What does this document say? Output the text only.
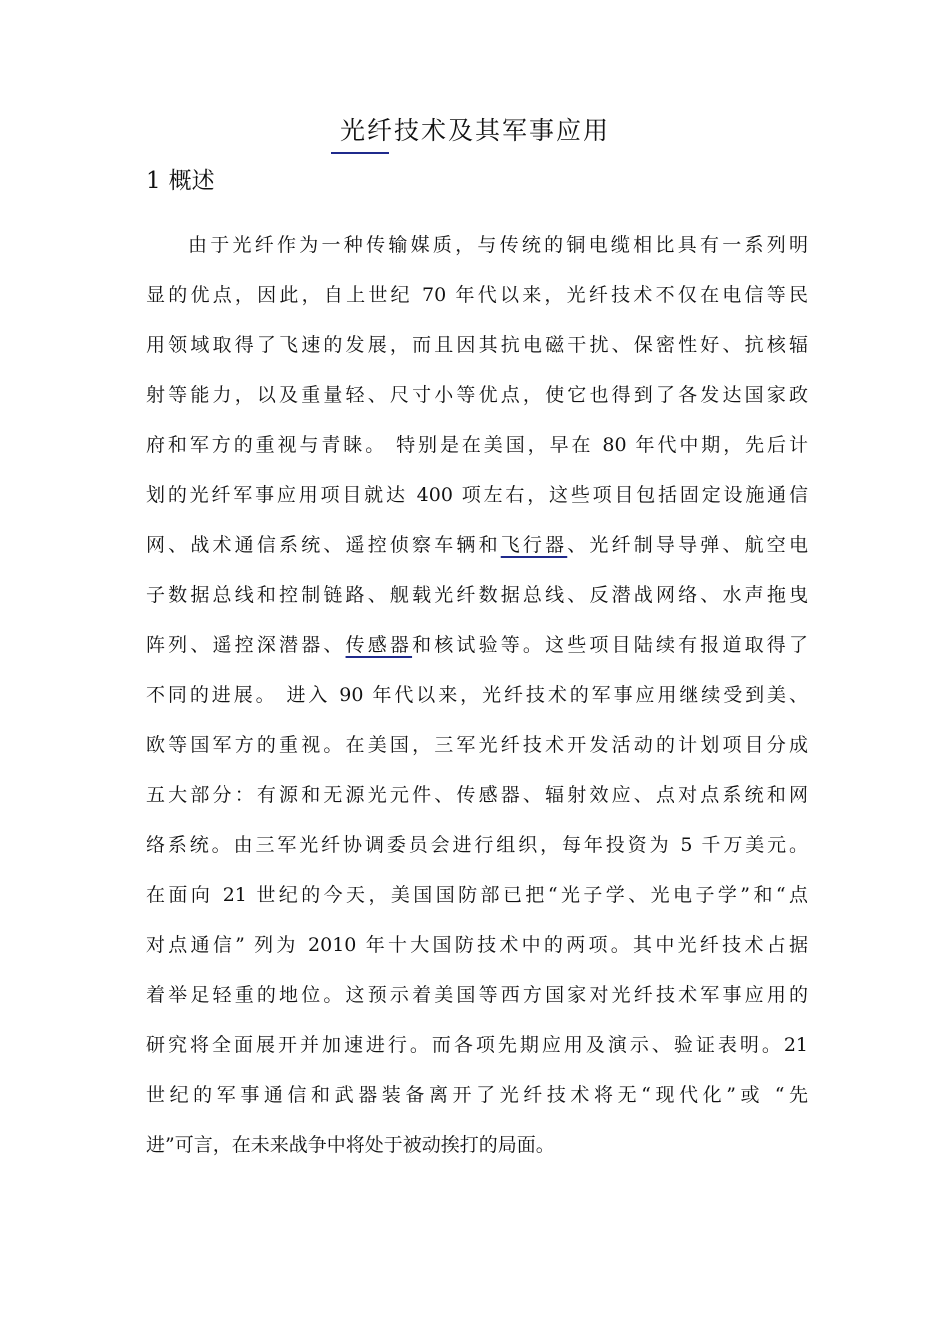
光纤技术及其军事应用
1 概述
由于光纤作为一种传输媒质，与传统的铜电缆相比具有一系列明
显的优点，因此，自上世纪 70 年代以来，光纤技术不仅在电信等民
用领域取得了飞速的发展，而且因其抗电磁干扰、保密性好、抗核辐
射等能力，以及重量轻、尺寸小等优点，使它也得到了各发达国家政
府和军方的重视与青睐。 特别是在美国，早在 80 年代中期，先后计
划的光纤军事应用项目就达 400 项左右，这些项目包括固定设施通信
网、战术通信系统、遥控侦察车辆和飞行器、光纤制导导弹、航空电
子数据总线和控制链路、舰载光纤数据总线、反潜战网络、水声拖曳
阵列、遥控深潜器、传感器和核试验等。这些项目陆续有报道取得了
不同的进展。 进入 90 年代以来，光纤技术的军事应用继续受到美、
欧等国军方的重视。在美国，三军光纤技术开发活动的计划项目分成
五大部分：有源和无源光元件、传感器、辐射效应、点对点系统和网
络系统。由三军光纤协调委员会进行组织，每年投资为 5 千万美元。
在面向 21 世纪的今天，美国国防部已把“光子学、光电子学”和“点
对点通信” 列为 2010 年十大国防技术中的两项。其中光纤技术占据
着举足轻重的地位。这预示着美国等西方国家对光纤技术军事应用的
研究将全面展开并加速进行。而各项先期应用及演示、验证表明。21
世纪的军事通信和武器装备离开了光纤技术将无“现代化”或 “先
进”可言，在未来战争中将处于被动挨打的局面。
